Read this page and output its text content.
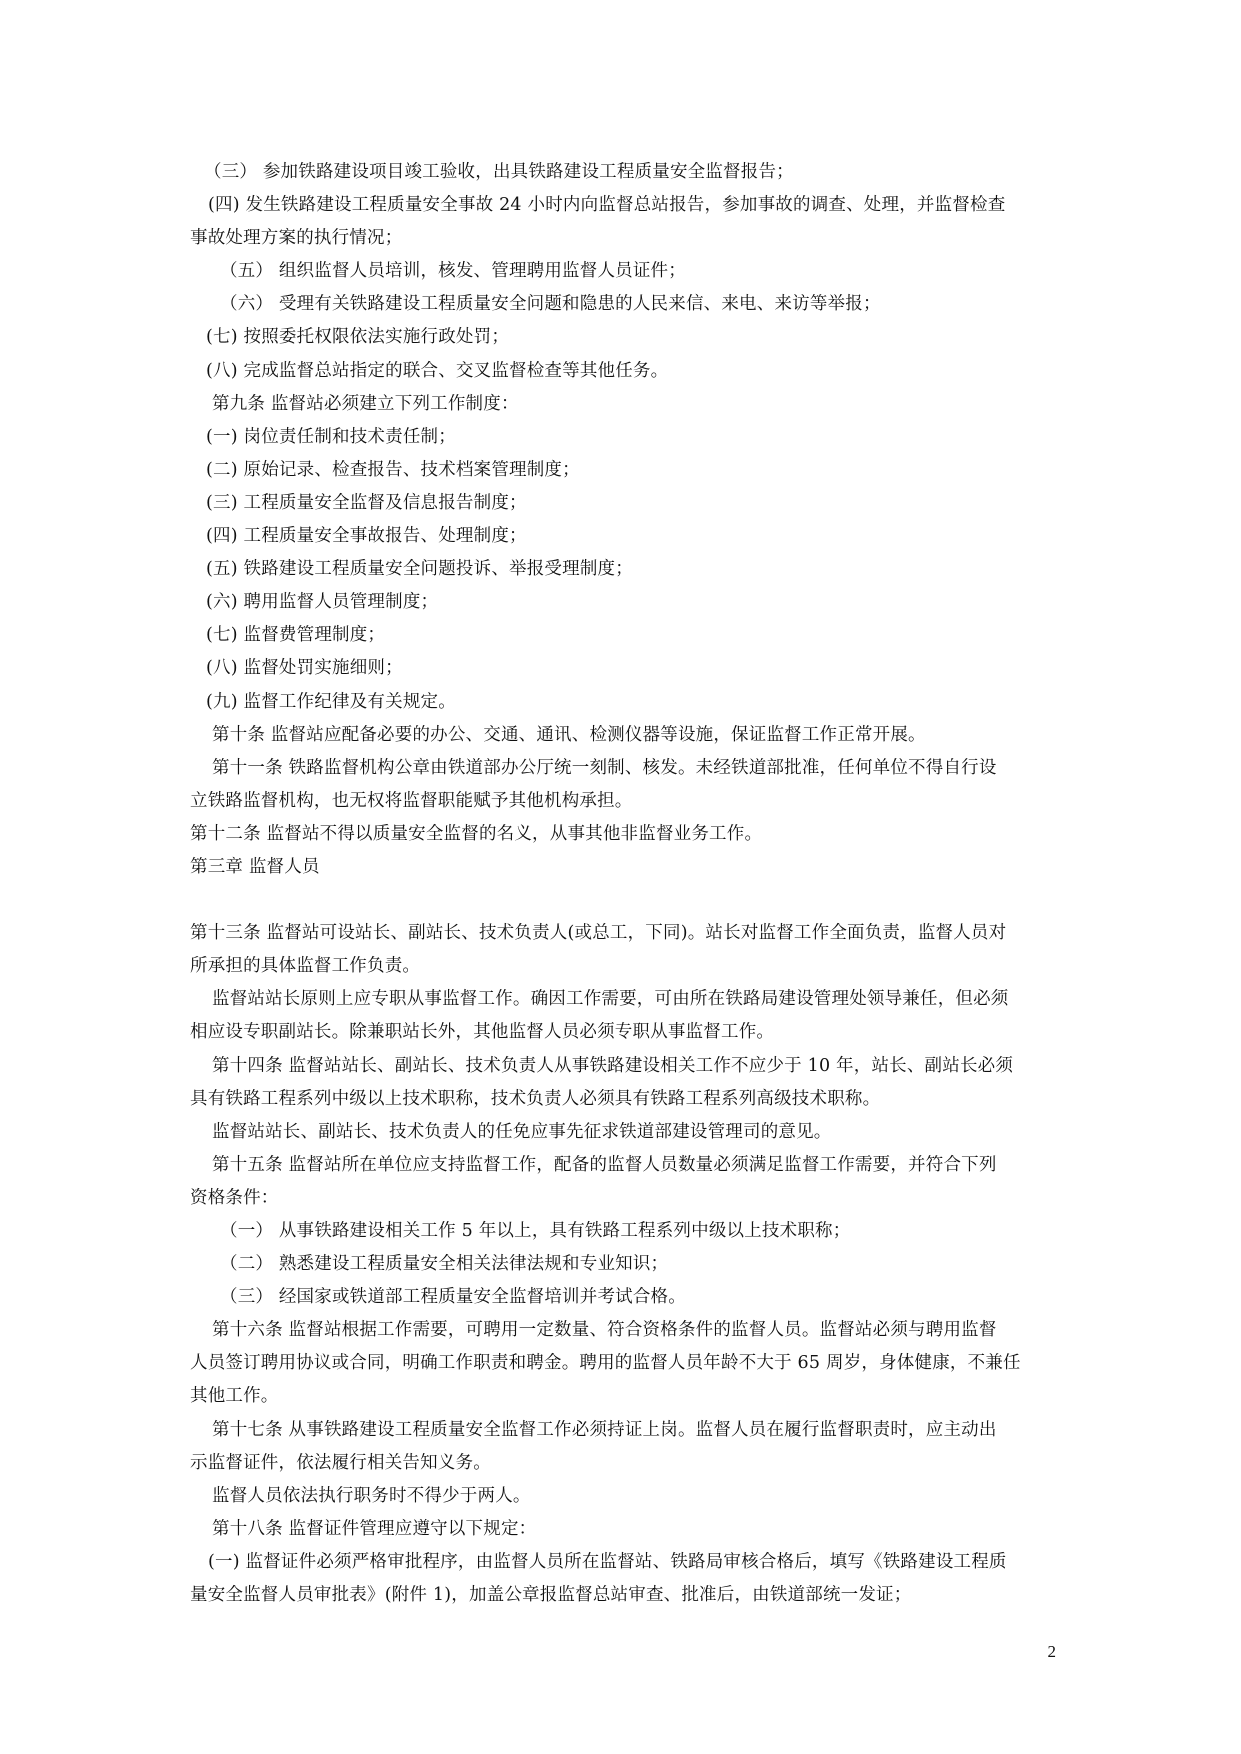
（三） 参加铁路建设项目竣工验收，出具铁路建设工程质量安全监督报告；
(四) 发生铁路建设工程质量安全事故 24 小时内向监督总站报告，参加事故的调查、处理，并监督检查
事故处理方案的执行情况；
（五） 组织监督人员培训，核发、管理聘用监督人员证件；
（六） 受理有关铁路建设工程质量安全问题和隐患的人民来信、来电、来访等举报；
(七) 按照委托权限依法实施行政处罚；
(八) 完成监督总站指定的联合、交叉监督检查等其他任务。
第九条 监督站必须建立下列工作制度：
(一) 岗位责任制和技术责任制；
(二) 原始记录、检查报告、技术档案管理制度；
(三) 工程质量安全监督及信息报告制度；
(四) 工程质量安全事故报告、处理制度；
(五) 铁路建设工程质量安全问题投诉、举报受理制度；
(六) 聘用监督人员管理制度；
(七) 监督费管理制度；
(八) 监督处罚实施细则；
(九) 监督工作纪律及有关规定。
第十条 监督站应配备必要的办公、交通、通讯、检测仪器等设施，保证监督工作正常开展。
第十一条 铁路监督机构公章由铁道部办公厅统一刻制、核发。未经铁道部批准，任何单位不得自行设
立铁路监督机构，也无权将监督职能赋予其他机构承担。
第十二条 监督站不得以质量安全监督的名义，从事其他非监督业务工作。
第三章 监督人员
第十三条 监督站可设站长、副站长、技术负责人(或总工，下同)。站长对监督工作全面负责，监督人员对
所承担的具体监督工作负责。
监督站站长原则上应专职从事监督工作。确因工作需要，可由所在铁路局建设管理处领导兼任，但必须
相应设专职副站长。除兼职站长外，其他监督人员必须专职从事监督工作。
第十四条 监督站站长、副站长、技术负责人从事铁路建设相关工作不应少于 10 年，站长、副站长必须
具有铁路工程系列中级以上技术职称，技术负责人必须具有铁路工程系列高级技术职称。
监督站站长、副站长、技术负责人的任免应事先征求铁道部建设管理司的意见。
第十五条 监督站所在单位应支持监督工作，配备的监督人员数量必须满足监督工作需要，并符合下列
资格条件：
（一） 从事铁路建设相关工作 5 年以上，具有铁路工程系列中级以上技术职称；
（二） 熟悉建设工程质量安全相关法律法规和专业知识；
（三） 经国家或铁道部工程质量安全监督培训并考试合格。
第十六条 监督站根据工作需要，可聘用一定数量、符合资格条件的监督人员。监督站必须与聘用监督
人员签订聘用协议或合同，明确工作职责和聘金。聘用的监督人员年龄不大于 65 周岁，身体健康，不兼任
其他工作。
第十七条 从事铁路建设工程质量安全监督工作必须持证上岗。监督人员在履行监督职责时，应主动出
示监督证件，依法履行相关告知义务。
监督人员依法执行职务时不得少于两人。
第十八条 监督证件管理应遵守以下规定：
(一) 监督证件必须严格审批程序，由监督人员所在监督站、铁路局审核合格后，填写《铁路建设工程质
量安全监督人员审批表》(附件 1)，加盖公章报监督总站审查、批准后，由铁道部统一发证；
2
